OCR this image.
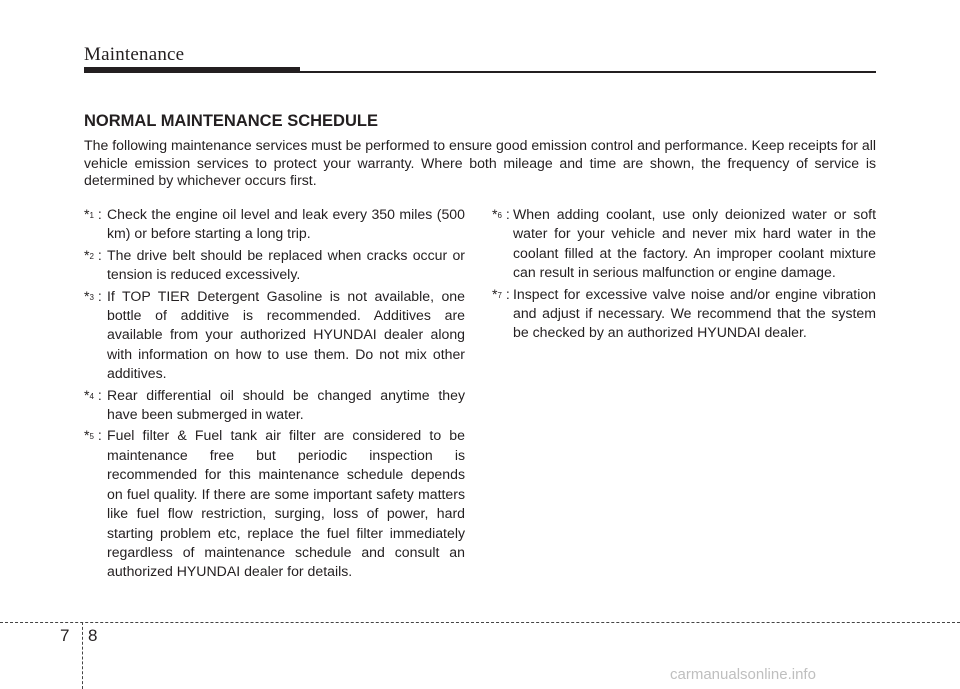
Maintenance
NORMAL MAINTENANCE SCHEDULE

The following maintenance services must be performed to ensure good emission control and performance. Keep receipts for all vehicle emission services to protect your warranty. Where both mileage and time are shown, the frequency of service is determined by whichever occurs first.

*$^1$ : Check the engine oil level and leak every 350 miles (500 km) or before starting a long trip.
*$^2$ : The drive belt should be replaced when cracks occur or tension is reduced excessively.
*$^3$ : If TOP TIER Detergent Gasoline is not available, one bottle of additive is recommended. Additives are available from your authorized HYUNDAI dealer along with information on how to use them. Do not mix other additives.
*$^4$ : Rear differential oil should be changed anytime they have been submerged in water.
*$^5$ : Fuel filter & Fuel tank air filter are considered to be maintenance free but periodic inspection is recommended for this maintenance schedule depends on fuel quality. If there are some important safety matters like fuel flow restriction, surging, loss of power, hard starting problem etc, replace the fuel filter immediately regardless of maintenance schedule and consult an authorized HYUNDAI dealer for details.
*$^6$ : When adding coolant, use only deionized water or soft water for your vehicle and never mix hard water in the coolant filled at the factory. An improper coolant mixture can result in serious malfunction or engine damage.
*$^7$ : Inspect for excessive valve noise and/or engine vibration and adjust if necessary. We recommend that the system be checked by an authorized HYUNDAI dealer.
7 8
carmanualsonline.info
